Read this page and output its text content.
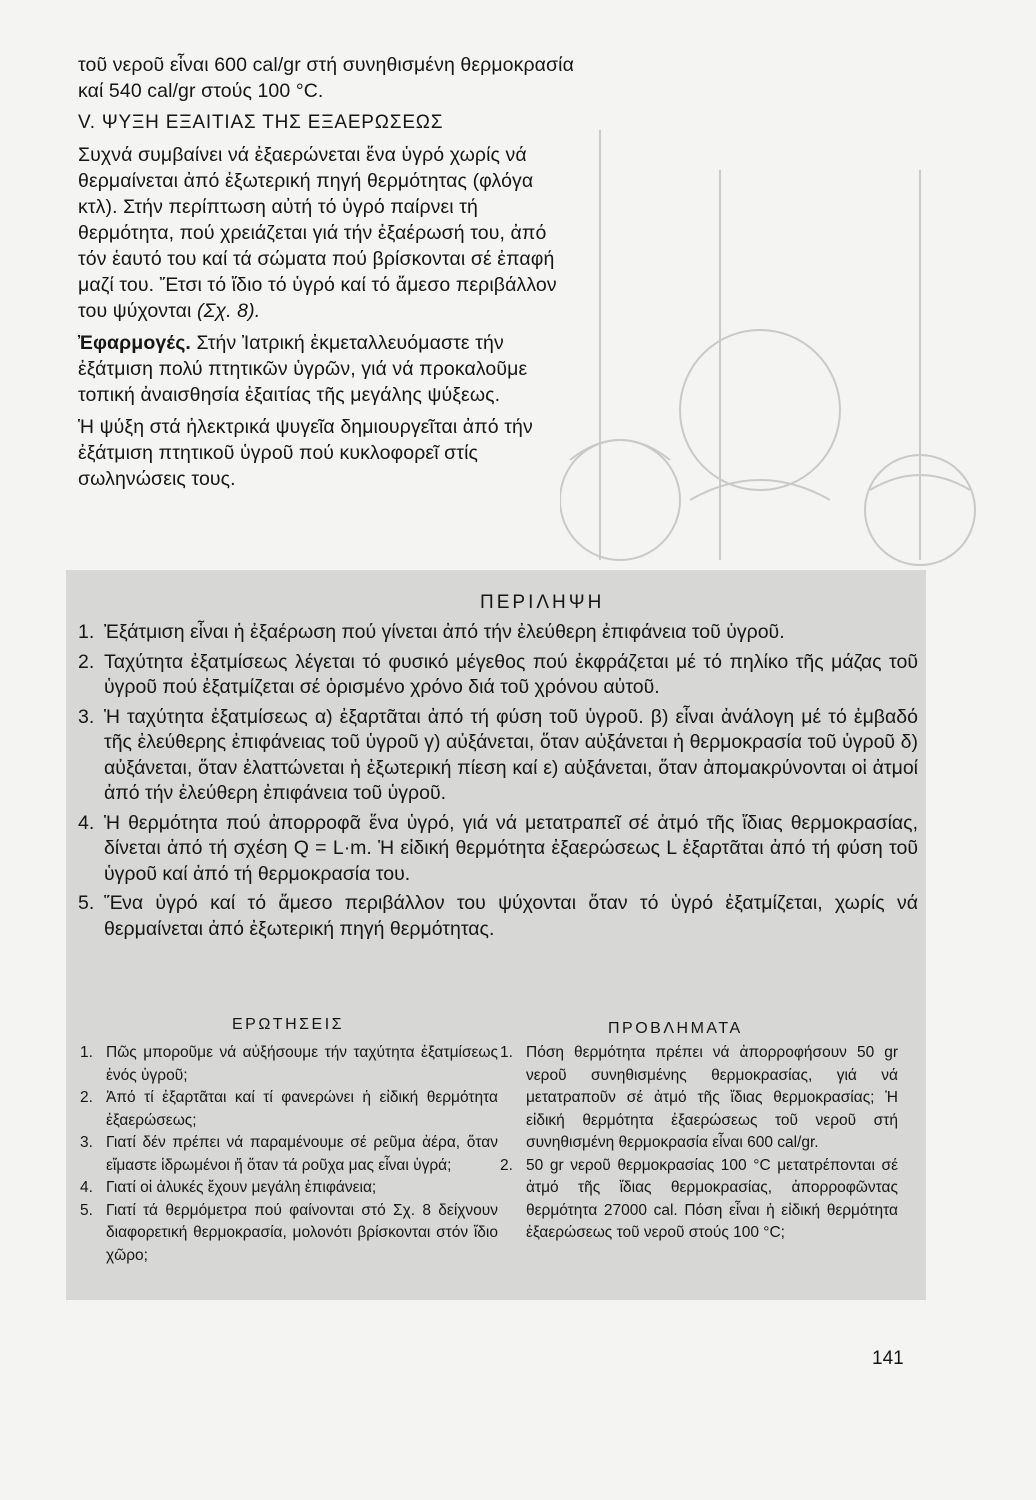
τοῦ νεροῦ εἶναι 600 cal/gr στή συνηθισμένη θερμοκρασία καί 540 cal/gr στούς 100 °C.

V. ΨΥΞΗ ΕΞΑΙΤΙΑΣ ΤΗΣ ΕΞΑΕΡΩΣΕΩΣ

Συχνά συμβαίνει νά ἐξαερώνεται ἕνα ὑγρό χωρίς νά θερμαίνεται ἀπό ἐξωτερική πηγή θερμότητας (φλόγα κτλ). Στήν περίπτωση αὐτή τό ὑγρό παίρνει τή θερμότητα, πού χρειάζεται γιά τήν ἐξαέρωσή του, ἀπό τόν ἑαυτό του καί τά σώματα πού βρίσκονται σέ ἐπαφή μαζί του. Ἔτσι τό ἴδιο τό ὑγρό καί τό ἄμεσο περιβάλλον του ψύχονται (Σχ. 8).

Ἐφαρμογές. Στήν Ἰατρική ἐκμεταλλευόμαστε τήν ἐξάτμιση πολύ πτητικῶν ὑγρῶν, γιά νά προκαλοῦμε τοπική ἀναισθησία ἐξαιτίας τῆς μεγάλης ψύξεως.

Ἡ ψύξη στά ἠλεκτρικά ψυγεῖα δημιουργεῖται ἀπό τήν ἐξάτμιση πτητικοῦ ὑγροῦ πού κυκλοφορεῖ στίς σωληνώσεις τους.

ΠΕΡΙΛΗΨΗ
1. Ἐξάτμιση εἶναι ἡ ἐξαέρωση πού γίνεται ἀπό τήν ἐλεύθερη ἐπιφάνεια τοῦ ὑγροῦ.
2. Ταχύτητα ἐξατμίσεως λέγεται τό φυσικό μέγεθος πού ἐκφράζεται μέ τό πηλίκο τῆς μάζας τοῦ ὑγροῦ πού ἐξατμίζεται σέ ὁρισμένο χρόνο διά τοῦ χρόνου αὐτοῦ.
3. Ἡ ταχύτητα ἐξατμίσεως α) ἐξαρτᾶται ἀπό τή φύση τοῦ ὑγροῦ. β) εἶναι ἀνάλογη μέ τό ἐμβαδό τῆς ἐλεύθερης ἐπιφάνειας τοῦ ὑγροῦ γ) αὐξάνεται, ὅταν αὐξάνεται ἡ θερμοκρασία τοῦ ὑγροῦ δ) αὐξάνεται, ὅταν ἐλαττώνεται ἡ ἐξωτερική πίεση καί ε) αὐξάνεται, ὅταν ἀπομακρύνονται οἱ ἀτμοί ἀπό τήν ἐλεύθερη ἐπιφάνεια τοῦ ὑγροῦ.
4. Ἡ θερμότητα πού ἀπορροφᾶ ἕνα ὑγρό, γιά νά μετατραπεῖ σέ ἀτμό τῆς ἴδιας θερμοκρασίας, δίνεται ἀπό τή σχέση Q = L·m. Ἡ εἰδική θερμότητα ἐξαερώσεως L ἐξαρτᾶται ἀπό τή φύση τοῦ ὑγροῦ καί ἀπό τή θερμοκρασία του.
5. Ἕνα ὑγρό καί τό ἄμεσο περιβάλλον του ψύχονται ὅταν τό ὑγρό ἐξατμίζεται, χωρίς νά θερμαίνεται ἀπό ἐξωτερική πηγή θερμότητας.
ΕΡΩΤΗΣΕΙΣ	ΠΡΟΒΛΗΜΑΤΑ
1. Πῶς μποροῦμε νά αὐξήσουμε τήν ταχύτητα ἐξατμίσεως ἑνός ὑγροῦ;
2. Ἀπό τί ἐξαρτᾶται καί τί φανερώνει ἡ εἰδική θερμότητα ἐξαερώσεως;
3. Γιατί δέν πρέπει νά παραμένουμε σέ ρεῦμα ἀέρα, ὅταν εἴμαστε ἱδρωμένοι ἤ ὅταν τά ροῦχα μας εἶναι ὑγρά;
4. Γιατί οἱ ἀλυκές ἔχουν μεγάλη ἐπιφάνεια;
5. Γιατί τά θερμόμετρα πού φαίνονται στό Σχ. 8 δείχνουν διαφορετική θερμοκρασία, μολονότι βρίσκονται στόν ἴδιο χῶρο;
1. Πόση θερμότητα πρέπει νά ἀπορροφήσουν 50 gr νεροῦ συνηθισμένης θερμοκρασίας, γιά νά μετατραποῦν σέ ἀτμό τῆς ἴδιας θερμοκρασίας; Ἡ εἰδική θερμότητα ἐξαερώσεως τοῦ νεροῦ στή συνηθισμένη θερμοκρασία εἶναι 600 cal/gr.
2. 50 gr νεροῦ θερμοκρασίας 100 °C μετατρέπονται σέ ἀτμό τῆς ἴδιας θερμοκρασίας, ἀπορροφῶντας θερμότητα 27000 cal. Πόση εἶναι ἡ εἰδική θερμότητα ἐξαερώσεως τοῦ νεροῦ στούς 100 °C;
141
